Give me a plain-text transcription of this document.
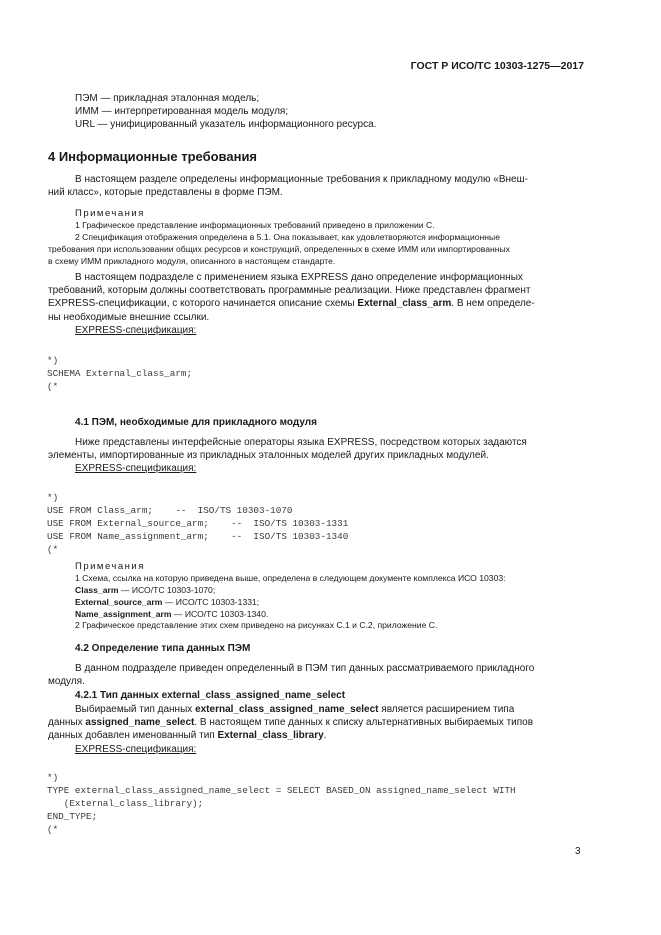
ГОСТ Р ИСО/ТС 10303-1275—2017
ПЭМ — прикладная эталонная модель;
ИММ — интерпретированная модель модуля;
URL — унифицированный указатель информационного ресурса.
4 Информационные требования
В настоящем разделе определены информационные требования к прикладному модулю «Внеш-
ний класс», которые представлены в форме ПЭМ.
Примечания
1 Графическое представление информационных требований приведено в приложении С.
2 Спецификация отображения определена в 5.1. Она показывает, как удовлетворяются информационные
требования при использовании общих ресурсов и конструкций, определенных в схеме ИММ или импортированных
в схему ИММ прикладного модуля, описанного в настоящем стандарте.
В настоящем подразделе с применением языка EXPRESS дано определение информационных
требований, которым должны соответствовать программные реализации. Ниже представлен фрагмент
EXPRESS-спецификации, с которого начинается описание схемы External_class_arm. В нем определе-
ны необходимые внешние ссылки.
EXPRESS-спецификация:
*)
SCHEMA External_class_arm;
(*
4.1 ПЭМ, необходимые для прикладного модуля
Ниже представлены интерфейсные операторы языка EXPRESS, посредством которых задаются
элементы, импортированные из прикладных эталонных моделей других прикладных модулей.
EXPRESS-спецификация:
*)
USE FROM Class_arm;    --  ISO/TS 10303-1070
USE FROM External_source_arm;    --  ISO/TS 10303-1331
USE FROM Name_assignment_arm;    --  ISO/TS 10303-1340
(*
Примечания
1 Схема, ссылка на которую приведена выше, определена в следующем документе комплекса ИСО 10303:
Class_arm — ИСО/ТС 10303-1070;
External_source_arm — ИСО/ТС 10303-1331;
Name_assignment_arm — ИСО/ТС 10303-1340.
2 Графическое представление этих схем приведено на рисунках С.1 и С.2, приложение С.
4.2 Определение типа данных ПЭМ
В данном подразделе приведен определенный в ПЭМ тип данных рассматриваемого прикладного
модуля.
4.2.1 Тип данных external_class_assigned_name_select
Выбираемый тип данных external_class_assigned_name_select является расширением типа
данных assigned_name_select. В настоящем типе данных к списку альтернативных выбираемых типов
данных добавлен именованный тип External_class_library.
EXPRESS-спецификация:
*)
TYPE external_class_assigned_name_select = SELECT BASED_ON assigned_name_select WITH
(External_class_library);
END_TYPE;
(*
3
